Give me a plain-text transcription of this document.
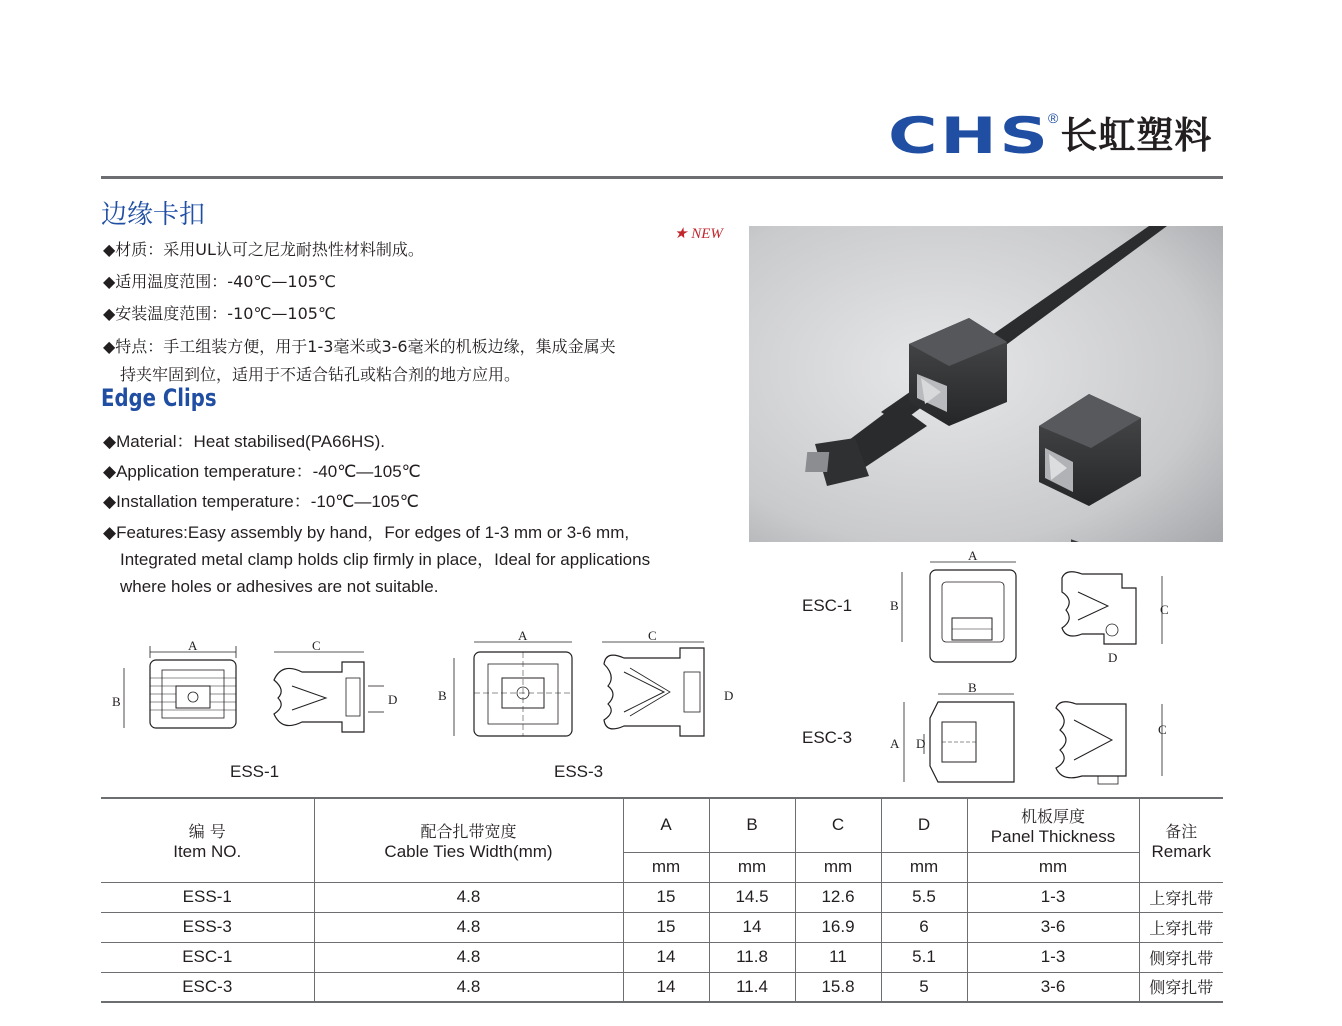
CHS
® 长虹塑料
边缘卡扣
★ NEW
◆材质：采用UL认可之尼龙耐热性材料制成。
◆适用温度范围：-40℃—105℃
◆安装温度范围：-10℃—105℃
◆特点：手工组装方便，用于1-3毫米或3-6毫米的机板边缘，集成金属夹
持夹牢固到位，适用于不适合钻孔或粘合剂的地方应用。
Edge Clips
◆Material：Heat stabilised(PA66HS).
◆Application temperature：-40℃—105℃
◆Installation temperature：-10℃—105℃
◆Features:Easy assembly by hand，For edges of 1-3 mm or 3-6 mm,
Integrated metal clamp holds clip firmly in place，Ideal for applications
where holes or adhesives are not suitable.
A
B
C
D
ESS-1
A
B
C
D
ESS-3
ESC-1
A
B	C
D
ESC-3
B
A D
C
编 号
Item NO.	配合扎带宽度
Cable Ties Width(mm)	A	B	C	D	机板厚度
Panel Thickness	备注
Remark

		mm	mm	mm	mm	mm	
ESS-1	4.8	15	14.5	12.6	5.5	1-3	上穿扎带
ESS-3	4.8	15	14	16.9	6	3-6	上穿扎带
ESC-1	4.8	14	11.8	11	5.1	1-3	侧穿扎带
ESC-3	4.8	14	11.4	15.8	5	3-6	侧穿扎带
